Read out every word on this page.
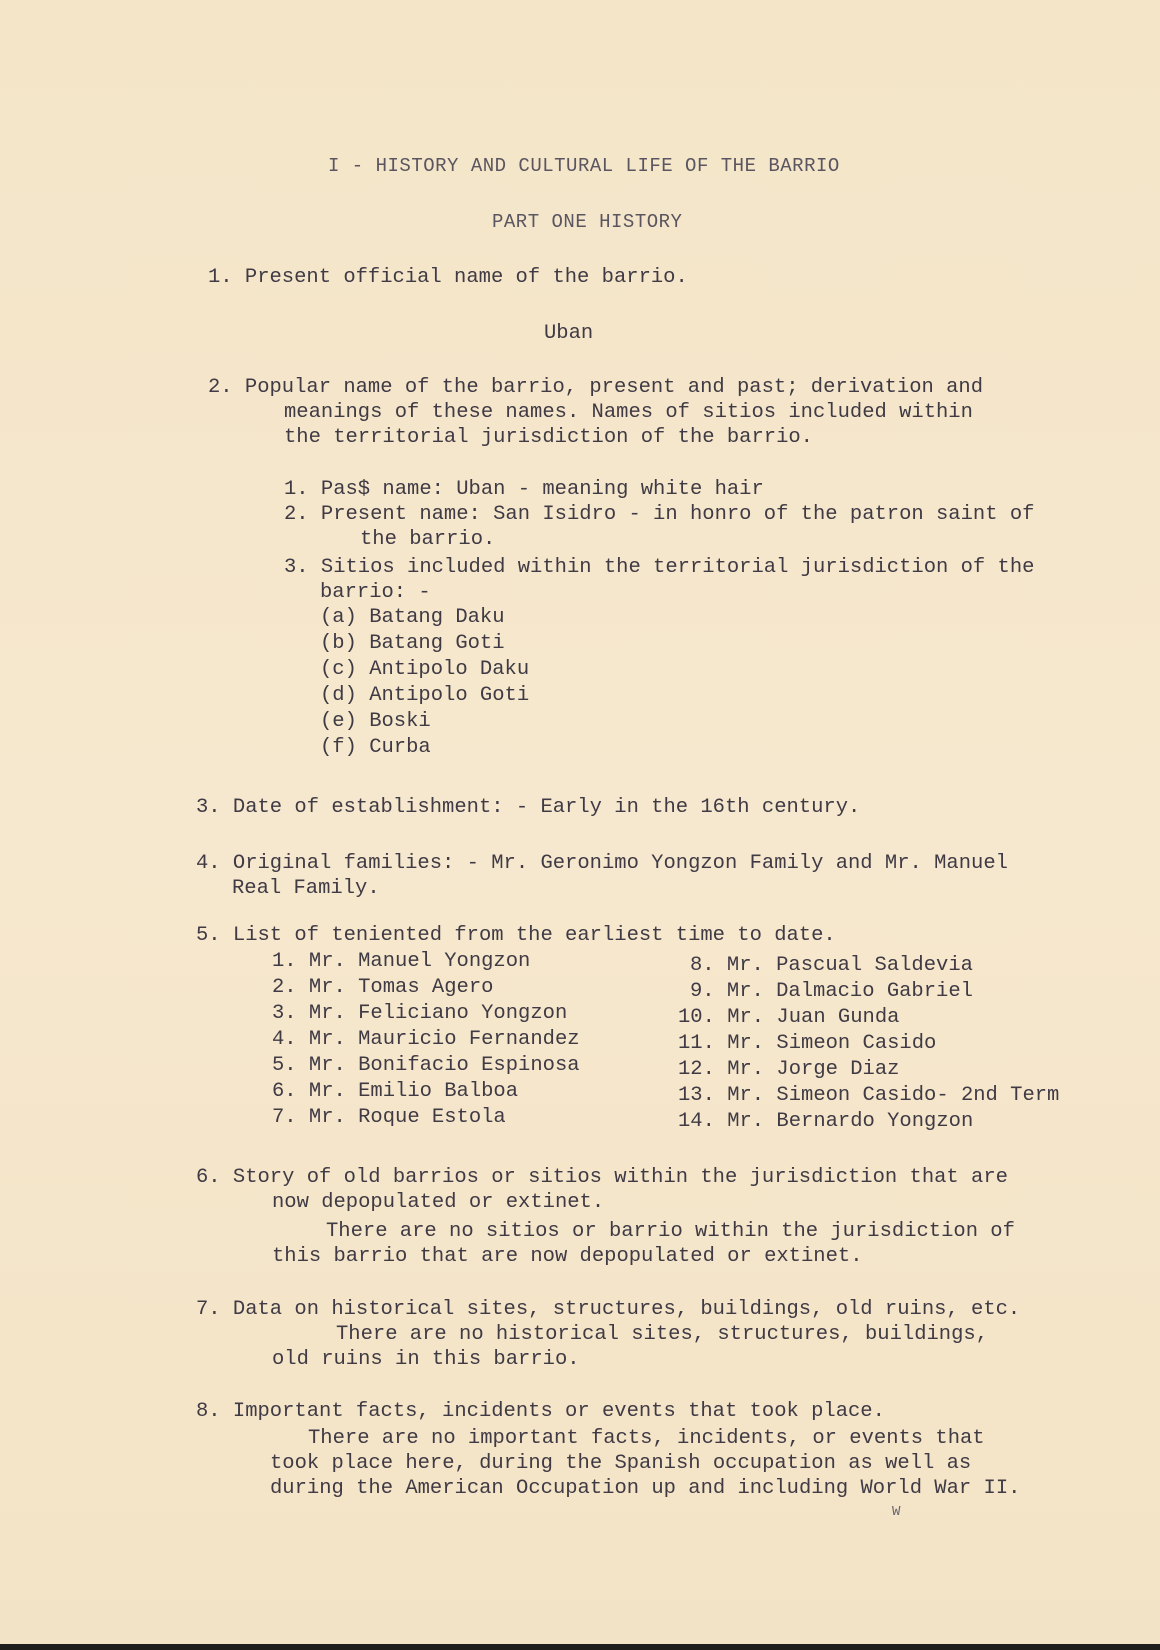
I - HISTORY AND CULTURAL LIFE OF THE BARRIO
PART ONE HISTORY
1. Present official name of the barrio.
Uban
2. Popular name of the barrio, present and past; derivation and
meanings of these names. Names of sitios included within
the territorial jurisdiction of the barrio.
1. Pas$ name: Uban - meaning white hair
2. Present name: San Isidro - in honro of the patron saint of
the barrio.
3. Sitios included within the territorial jurisdiction of the
barrio: -
(a) Batang Daku
(b) Batang Goti
(c) Antipolo Daku
(d) Antipolo Goti
(e) Boski
(f) Curba
3. Date of establishment: - Early in the 16th century.
4. Original families: - Mr. Geronimo Yongzon Family and Mr. Manuel
Real Family.
5. List of teniented from the earliest time to date.
1. Mr. Manuel Yongzon
2. Mr. Tomas Agero
3. Mr. Feliciano Yongzon
4. Mr. Mauricio Fernandez
5. Mr. Bonifacio Espinosa
6. Mr. Emilio Balboa
7. Mr. Roque Estola
8. Mr. Pascual Saldevia
9. Mr. Dalmacio Gabriel
10. Mr. Juan Gunda
11. Mr. Simeon Casido
12. Mr. Jorge Diaz
13. Mr. Simeon Casido- 2nd Term
14. Mr. Bernardo Yongzon
6. Story of old barrios or sitios within the jurisdiction that are
now depopulated or extinet.
There are no sitios or barrio within the jurisdiction of
this barrio that are now depopulated or extinet.
7. Data on historical sites, structures, buildings, old ruins, etc.
There are no historical sites, structures, buildings,
old ruins in this barrio.
8. Important facts, incidents or events that took place.
There are no important facts, incidents, or events that
took place here, during the Spanish occupation as well as
during the American Occupation up and including World War II.
W
